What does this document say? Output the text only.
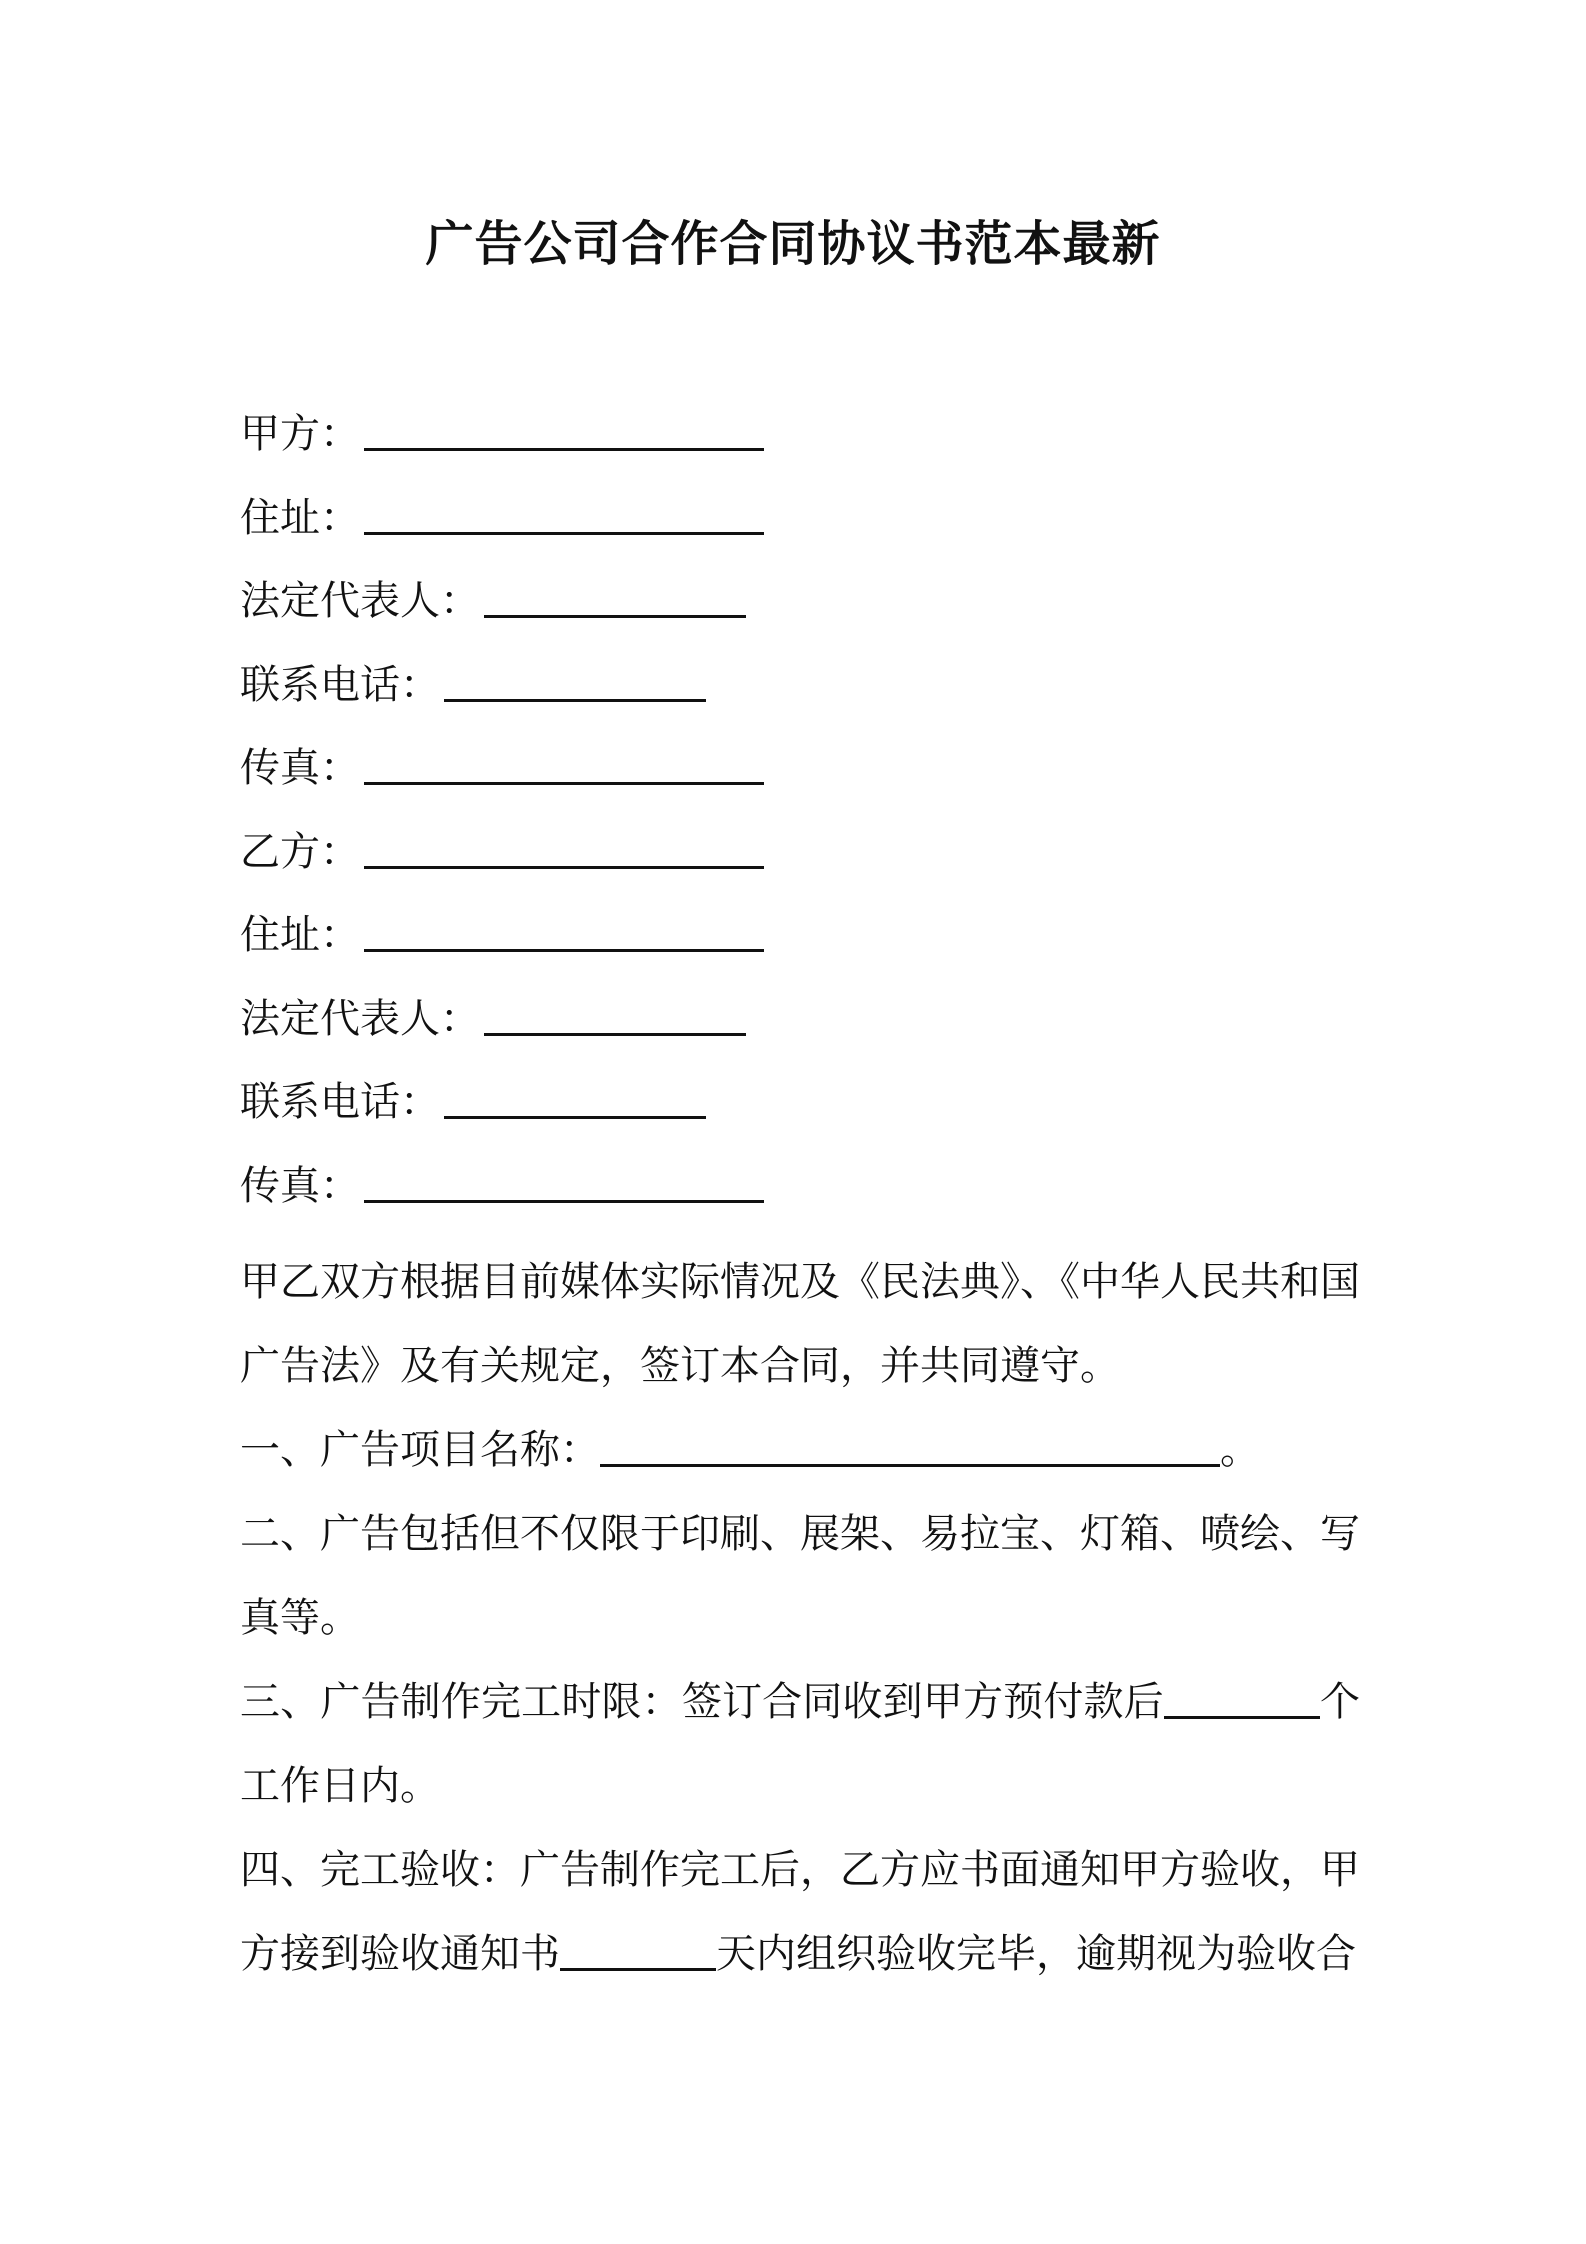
广告公司合作合同协议书范本最新
甲方：
住址：
法定代表人：
联系电话：
传真：
乙方：
住址：
法定代表人：
联系电话：
传真：

甲乙双方根据目前媒体实际情况及《民法典》、《中华人民共和国广告法》及有关规定，签订本合同，并共同遵守。

一、广告项目名称：	。

二、广告包括但不仅限于印刷、展架、易拉宝、灯箱、喷绘、写真等。

三、广告制作完工时限：签订合同收到甲方预付款后	个工作日内。

四、完工验收：广告制作完工后，乙方应书面通知甲方验收，甲方接到验收通知书	天内组织验收完毕，逾期视为验收合
